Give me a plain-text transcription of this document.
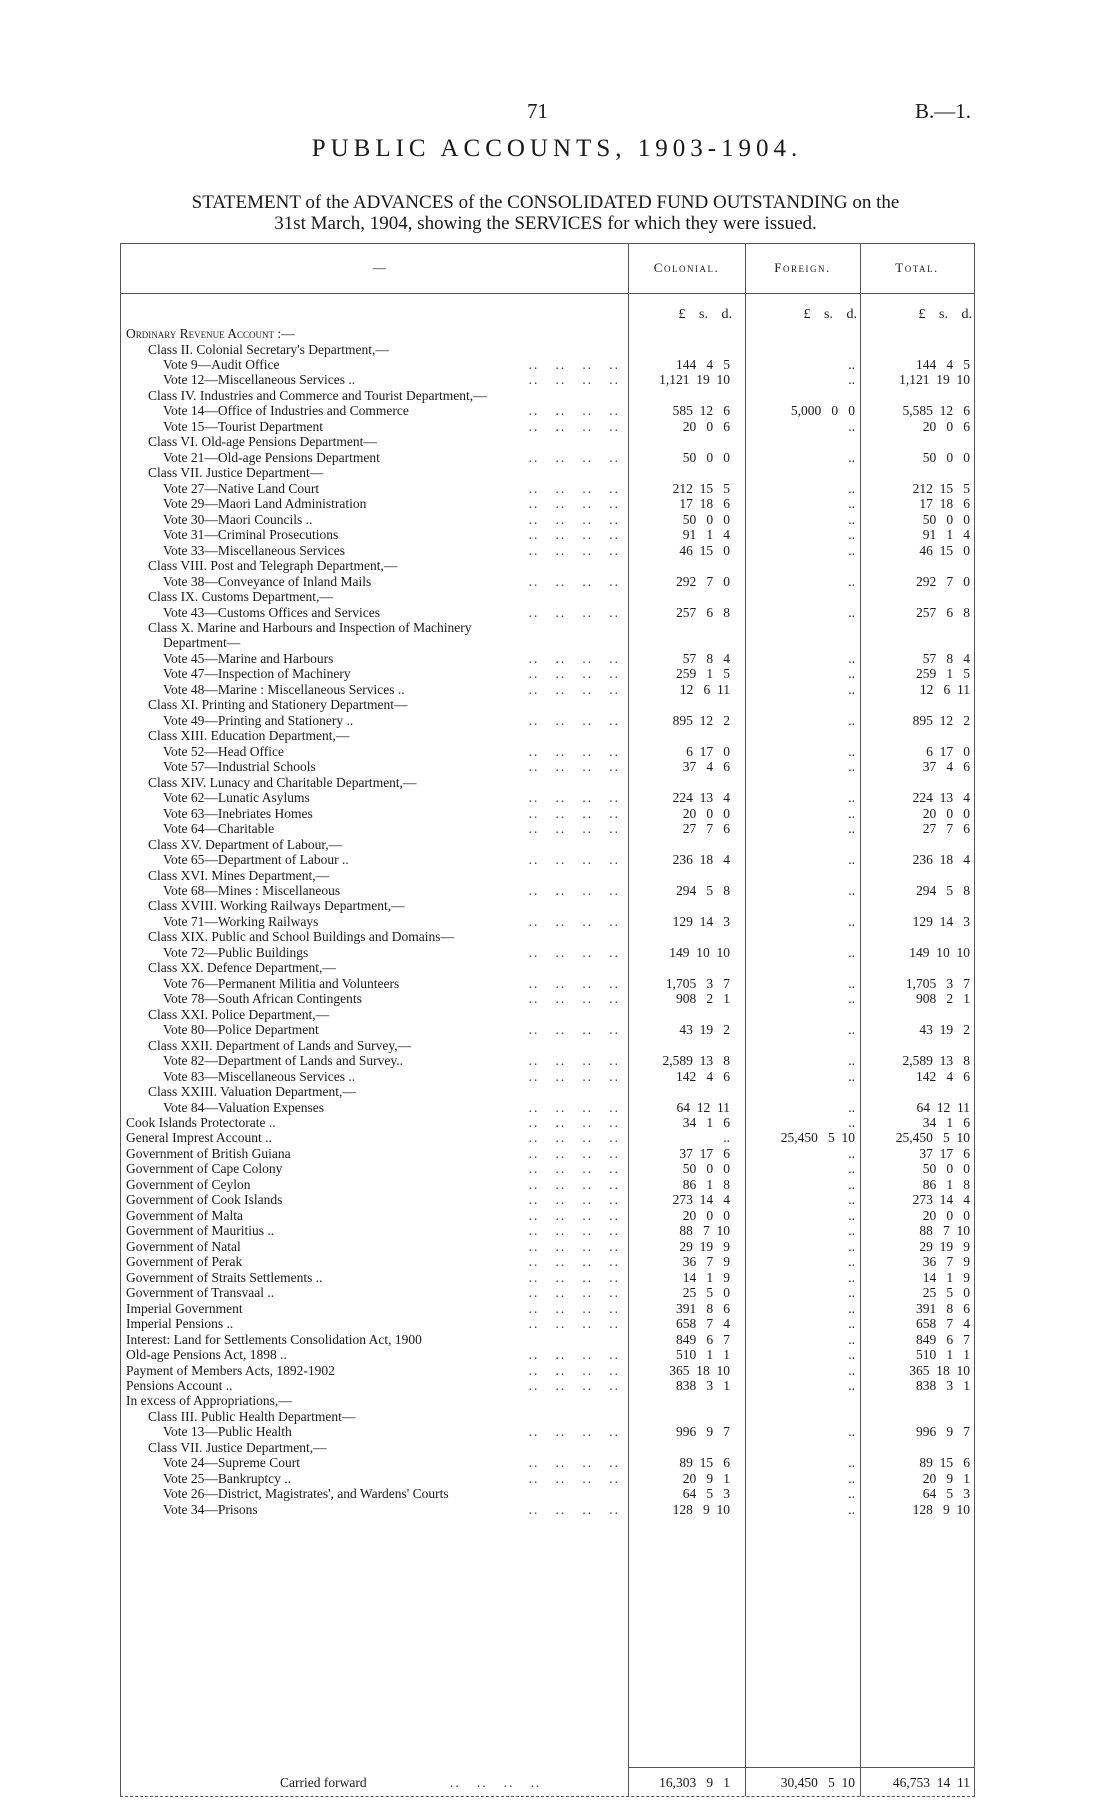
71	B.—1.
PUBLIC ACCOUNTS, 1903-1904.
STATEMENT of the ADVANCES of the CONSOLIDATED FUND OUTSTANDING on the
31st March, 1904, showing the SERVICES for which they were issued.
—	Colonial.	Foreign.	Total.
£ s. d.	£ s. d.	£ s. d.
Ordinary Revenue Account :—
Class II. Colonial Secretary's Department,—
Vote 9—Audit Office	..   ..   ..   ..	144   4   5	..	144   4   5
Vote 12—Miscellaneous Services ..	..   ..   ..   ..	1,121  19  10	..	1,121  19  10
Class IV. Industries and Commerce and Tourist Department,—
Vote 14—Office of Industries and Commerce	..   ..   ..   ..	585  12   6	5,000   0   0	5,585  12   6
Vote 15—Tourist Department	..   ..   ..   ..	20   0   6	..	20   0   6
Class VI. Old-age Pensions Department—
Vote 21—Old-age Pensions Department	..   ..   ..   ..	50   0   0	..	50   0   0
Class VII. Justice Department—
Vote 27—Native Land Court	..   ..   ..   ..	212  15   5	..	212  15   5
Vote 29—Maori Land Administration	..   ..   ..   ..	17  18   6	..	17  18   6
Vote 30—Maori Councils ..	..   ..   ..   ..	50   0   0	..	50   0   0
Vote 31—Criminal Prosecutions	..   ..   ..   ..	91   1   4	..	91   1   4
Vote 33—Miscellaneous Services	..   ..   ..   ..	46  15   0	..	46  15   0
Class VIII. Post and Telegraph Department,—
Vote 38—Conveyance of Inland Mails	..   ..   ..   ..	292   7   0	..	292   7   0
Class IX. Customs Department,—
Vote 43—Customs Offices and Services	..   ..   ..   ..	257   6   8	..	257   6   8
Class X. Marine and Harbours and Inspection of Machinery
Department—
Vote 45—Marine and Harbours	..   ..   ..   ..	57   8   4	..	57   8   4
Vote 47—Inspection of Machinery	..   ..   ..   ..	259   1   5	..	259   1   5
Vote 48—Marine : Miscellaneous Services ..	..   ..   ..   ..	12   6  11	..	12   6  11
Class XI. Printing and Stationery Department—
Vote 49—Printing and Stationery ..	..   ..   ..   ..	895  12   2	..	895  12   2
Class XIII. Education Department,—
Vote 52—Head Office	..   ..   ..   ..	6  17   0	..	6  17   0
Vote 57—Industrial Schools	..   ..   ..   ..	37   4   6	..	37   4   6
Class XIV. Lunacy and Charitable Department,—
Vote 62—Lunatic Asylums	..   ..   ..   ..	224  13   4	..	224  13   4
Vote 63—Inebriates Homes	..   ..   ..   ..	20   0   0	..	20   0   0
Vote 64—Charitable	..   ..   ..   ..	27   7   6	..	27   7   6
Class XV. Department of Labour,—
Vote 65—Department of Labour ..	..   ..   ..   ..	236  18   4	..	236  18   4
Class XVI. Mines Department,—
Vote 68—Mines : Miscellaneous	..   ..   ..   ..	294   5   8	..	294   5   8
Class XVIII. Working Railways Department,—
Vote 71—Working Railways	..   ..   ..   ..	129  14   3	..	129  14   3
Class XIX. Public and School Buildings and Domains—
Vote 72—Public Buildings	..   ..   ..   ..	149  10  10	..	149  10  10
Class XX. Defence Department,—
Vote 76—Permanent Militia and Volunteers	..   ..   ..   ..	1,705   3   7	..	1,705   3   7
Vote 78—South African Contingents	..   ..   ..   ..	908   2   1	..	908   2   1
Class XXI. Police Department,—
Vote 80—Police Department	..   ..   ..   ..	43  19   2	..	43  19   2
Class XXII. Department of Lands and Survey,—
Vote 82—Department of Lands and Survey..	..   ..   ..   ..	2,589  13   8	..	2,589  13   8
Vote 83—Miscellaneous Services ..	..   ..   ..   ..	142   4   6	..	142   4   6
Class XXIII. Valuation Department,—
Vote 84—Valuation Expenses	..   ..   ..   ..	64  12  11	..	64  12  11
Cook Islands Protectorate ..	..   ..   ..   ..	34   1   6	..	34   1   6
General Imprest Account ..	..   ..   ..   ..	..	25,450   5  10	25,450   5  10
Government of British Guiana	..   ..   ..   ..	37  17   6	..	37  17   6
Government of Cape Colony	..   ..   ..   ..	50   0   0	..	50   0   0
Government of Ceylon	..   ..   ..   ..	86   1   8	..	86   1   8
Government of Cook Islands	..   ..   ..   ..	273  14   4	..	273  14   4
Government of Malta	..   ..   ..   ..	20   0   0	..	20   0   0
Government of Mauritius ..	..   ..   ..   ..	88   7  10	..	88   7  10
Government of Natal	..   ..   ..   ..	29  19   9	..	29  19   9
Government of Perak	..   ..   ..   ..	36   7   9	..	36   7   9
Government of Straits Settlements ..	..   ..   ..   ..	14   1   9	..	14   1   9
Government of Transvaal ..	..   ..   ..   ..	25   5   0	..	25   5   0
Imperial Government	..   ..   ..   ..	391   8   6	..	391   8   6
Imperial Pensions ..	..   ..   ..   ..	658   7   4	..	658   7   4
Interest: Land for Settlements Consolidation Act, 1900	849   6   7	..	849   6   7
Old-age Pensions Act, 1898 ..	..   ..   ..   ..	510   1   1	..	510   1   1
Payment of Members Acts, 1892-1902	..   ..   ..   ..	365  18  10	..	365  18  10
Pensions Account ..	..   ..   ..   ..	838   3   1	..	838   3   1
In excess of Appropriations,—
Class III. Public Health Department—
Vote 13—Public Health	..   ..   ..   ..	996   9   7	..	996   9   7
Class VII. Justice Department,—
Vote 24—Supreme Court	..   ..   ..   ..	89  15   6	..	89  15   6
Vote 25—Bankruptcy ..	..   ..   ..   ..	20   9   1	..	20   9   1
Vote 26—District, Magistrates', and Wardens' Courts	64   5   3	..	64   5   3
Vote 34—Prisons	..   ..   ..   ..	128   9  10	..	128   9  10
Carried forward	..   ..   ..   ..	16,303   9   1	30,450   5  10	46,753  14  11
